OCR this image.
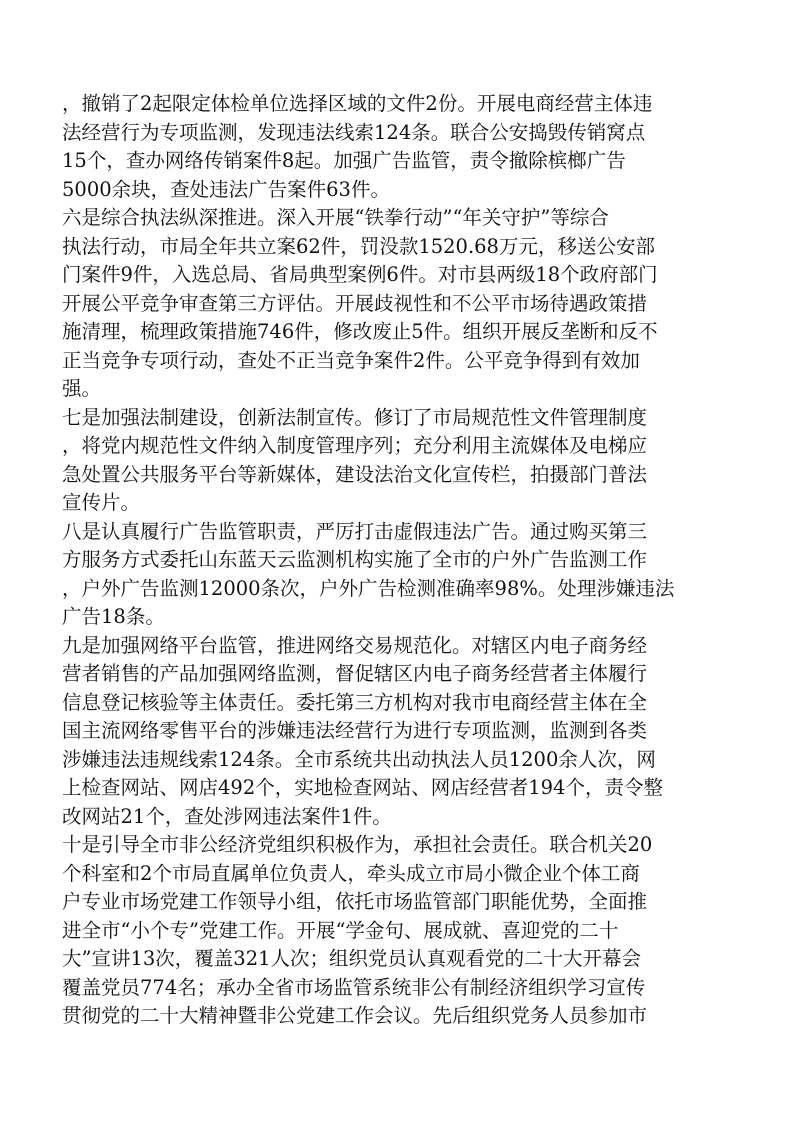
，撤销了2起限定体检单位选择区域的文件2份。开展电商经营主体违
法经营行为专项监测，发现违法线索124条。联合公安捣毁传销窝点
15个，查办网络传销案件8起。加强广告监管，责令撤除槟榔广告
5000余块，查处违法广告案件63件。
六是综合执法纵深推进。深入开展“铁拳行动”“年关守护”等综合
执法行动，市局全年共立案62件，罚没款1520.68万元，移送公安部
门案件9件，入选总局、省局典型案例6件。对市县两级18个政府部门
开展公平竞争审查第三方评估。开展歧视性和不公平市场待遇政策措
施清理，梳理政策措施746件，修改废止5件。组织开展反垄断和反不
正当竞争专项行动，查处不正当竞争案件2件。公平竞争得到有效加
强。
七是加强法制建设，创新法制宣传。修订了市局规范性文件管理制度
，将党内规范性文件纳入制度管理序列；充分利用主流媒体及电梯应
急处置公共服务平台等新媒体，建设法治文化宣传栏，拍摄部门普法
宣传片。
八是认真履行广告监管职责，严厉打击虚假违法广告。通过购买第三
方服务方式委托山东蓝天云监测机构实施了全市的户外广告监测工作
，户外广告监测12000条次，户外广告检测准确率98%。处理涉嫌违法
广告18条。
九是加强网络平台监管，推进网络交易规范化。对辖区内电子商务经
营者销售的产品加强网络监测，督促辖区内电子商务经营者主体履行
信息登记核验等主体责任。委托第三方机构对我市电商经营主体在全
国主流网络零售平台的涉嫌违法经营行为进行专项监测，监测到各类
涉嫌违法违规线索124条。全市系统共出动执法人员1200余人次，网
上检查网站、网店492个，实地检查网站、网店经营者194个，责令整
改网站21个，查处涉网违法案件1件。
十是引导全市非公经济党组织积极作为，承担社会责任。联合机关20
个科室和2个市局直属单位负责人，牵头成立市局小微企业个体工商
户专业市场党建工作领导小组，依托市场监管部门职能优势，全面推
进全市“小个专”党建工作。开展“学金句、展成就、喜迎党的二十
大”宣讲13次，覆盖321人次；组织党员认真观看党的二十大开幕会
覆盖党员774名；承办全省市场监管系统非公有制经济组织学习宣传
贯彻党的二十大精神暨非公党建工作会议。先后组织党务人员参加市
